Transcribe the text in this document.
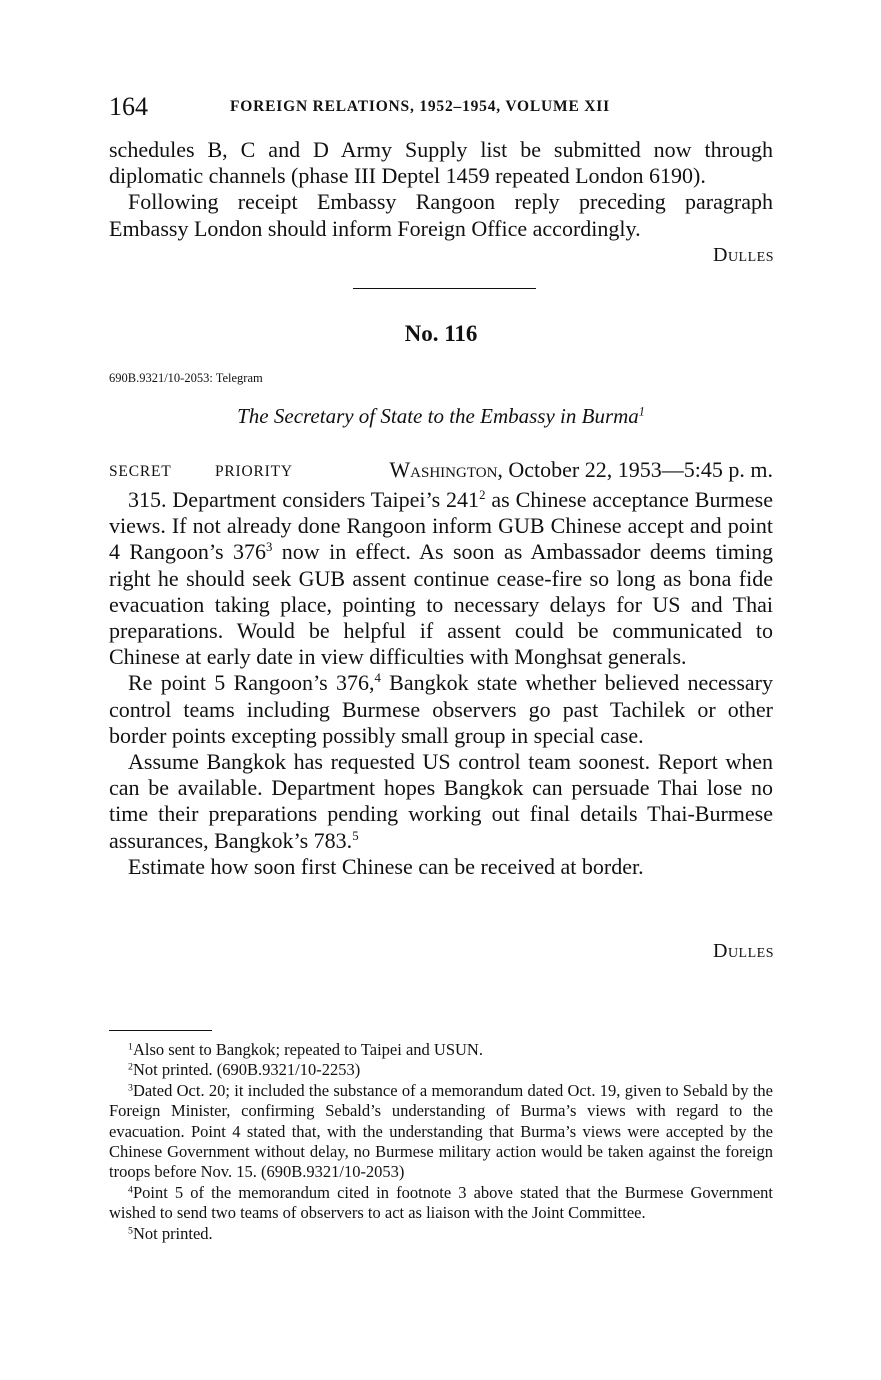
164	FOREIGN RELATIONS, 1952–1954, VOLUME XII

schedules B, C and D Army Supply list be submitted now through diplomatic channels (phase III Deptel 1459 repeated London 6190).

Following receipt Embassy Rangoon reply preceding paragraph Embassy London should inform Foreign Office accordingly.

Dulles
No. 116
690B.9321/10-2053: Telegram
The Secretary of State to the Embassy in Burma$^1$
SECRET	PRIORITY	Washington, October 22, 1953—5:45 p. m.

315. Department considers Taipei’s $241^2$ as Chinese acceptance Burmese views. If not already done Rangoon inform GUB Chinese accept and point 4 Rangoon’s $376^3$ now in effect. As soon as Ambassador deems timing right he should seek GUB assent continue cease-fire so long as bona fide evacuation taking place, pointing to necessary delays for US and Thai preparations. Would be helpful if assent could be communicated to Chinese at early date in view difficulties with Monghsat generals.

Re point 5 Rangoon’s 376,$^4$ Bangkok state whether believed necessary control teams including Burmese observers go past Tachilek or other border points excepting possibly small group in special case.

Assume Bangkok has requested US control team soonest. Report when can be available. Department hopes Bangkok can persuade Thai lose no time their preparations pending working out final details Thai-Burmese assurances, Bangkok’s 783.$^5$

Estimate how soon first Chinese can be received at border.

Dulles

$^1$Also sent to Bangkok; repeated to Taipei and USUN.

$^2$Not printed. (690B.9321/10-2253)

$^3$Dated Oct. 20; it included the substance of a memorandum dated Oct. 19, given to Sebald by the Foreign Minister, confirming Sebald’s understanding of Burma’s views with regard to the evacuation. Point 4 stated that, with the understanding that Burma’s views were accepted by the Chinese Government without delay, no Burmese military action would be taken against the foreign troops before Nov. 15. (690B.9321/10-2053)

$^4$Point 5 of the memorandum cited in footnote 3 above stated that the Burmese Government wished to send two teams of observers to act as liaison with the Joint Committee.

$^5$Not printed.
